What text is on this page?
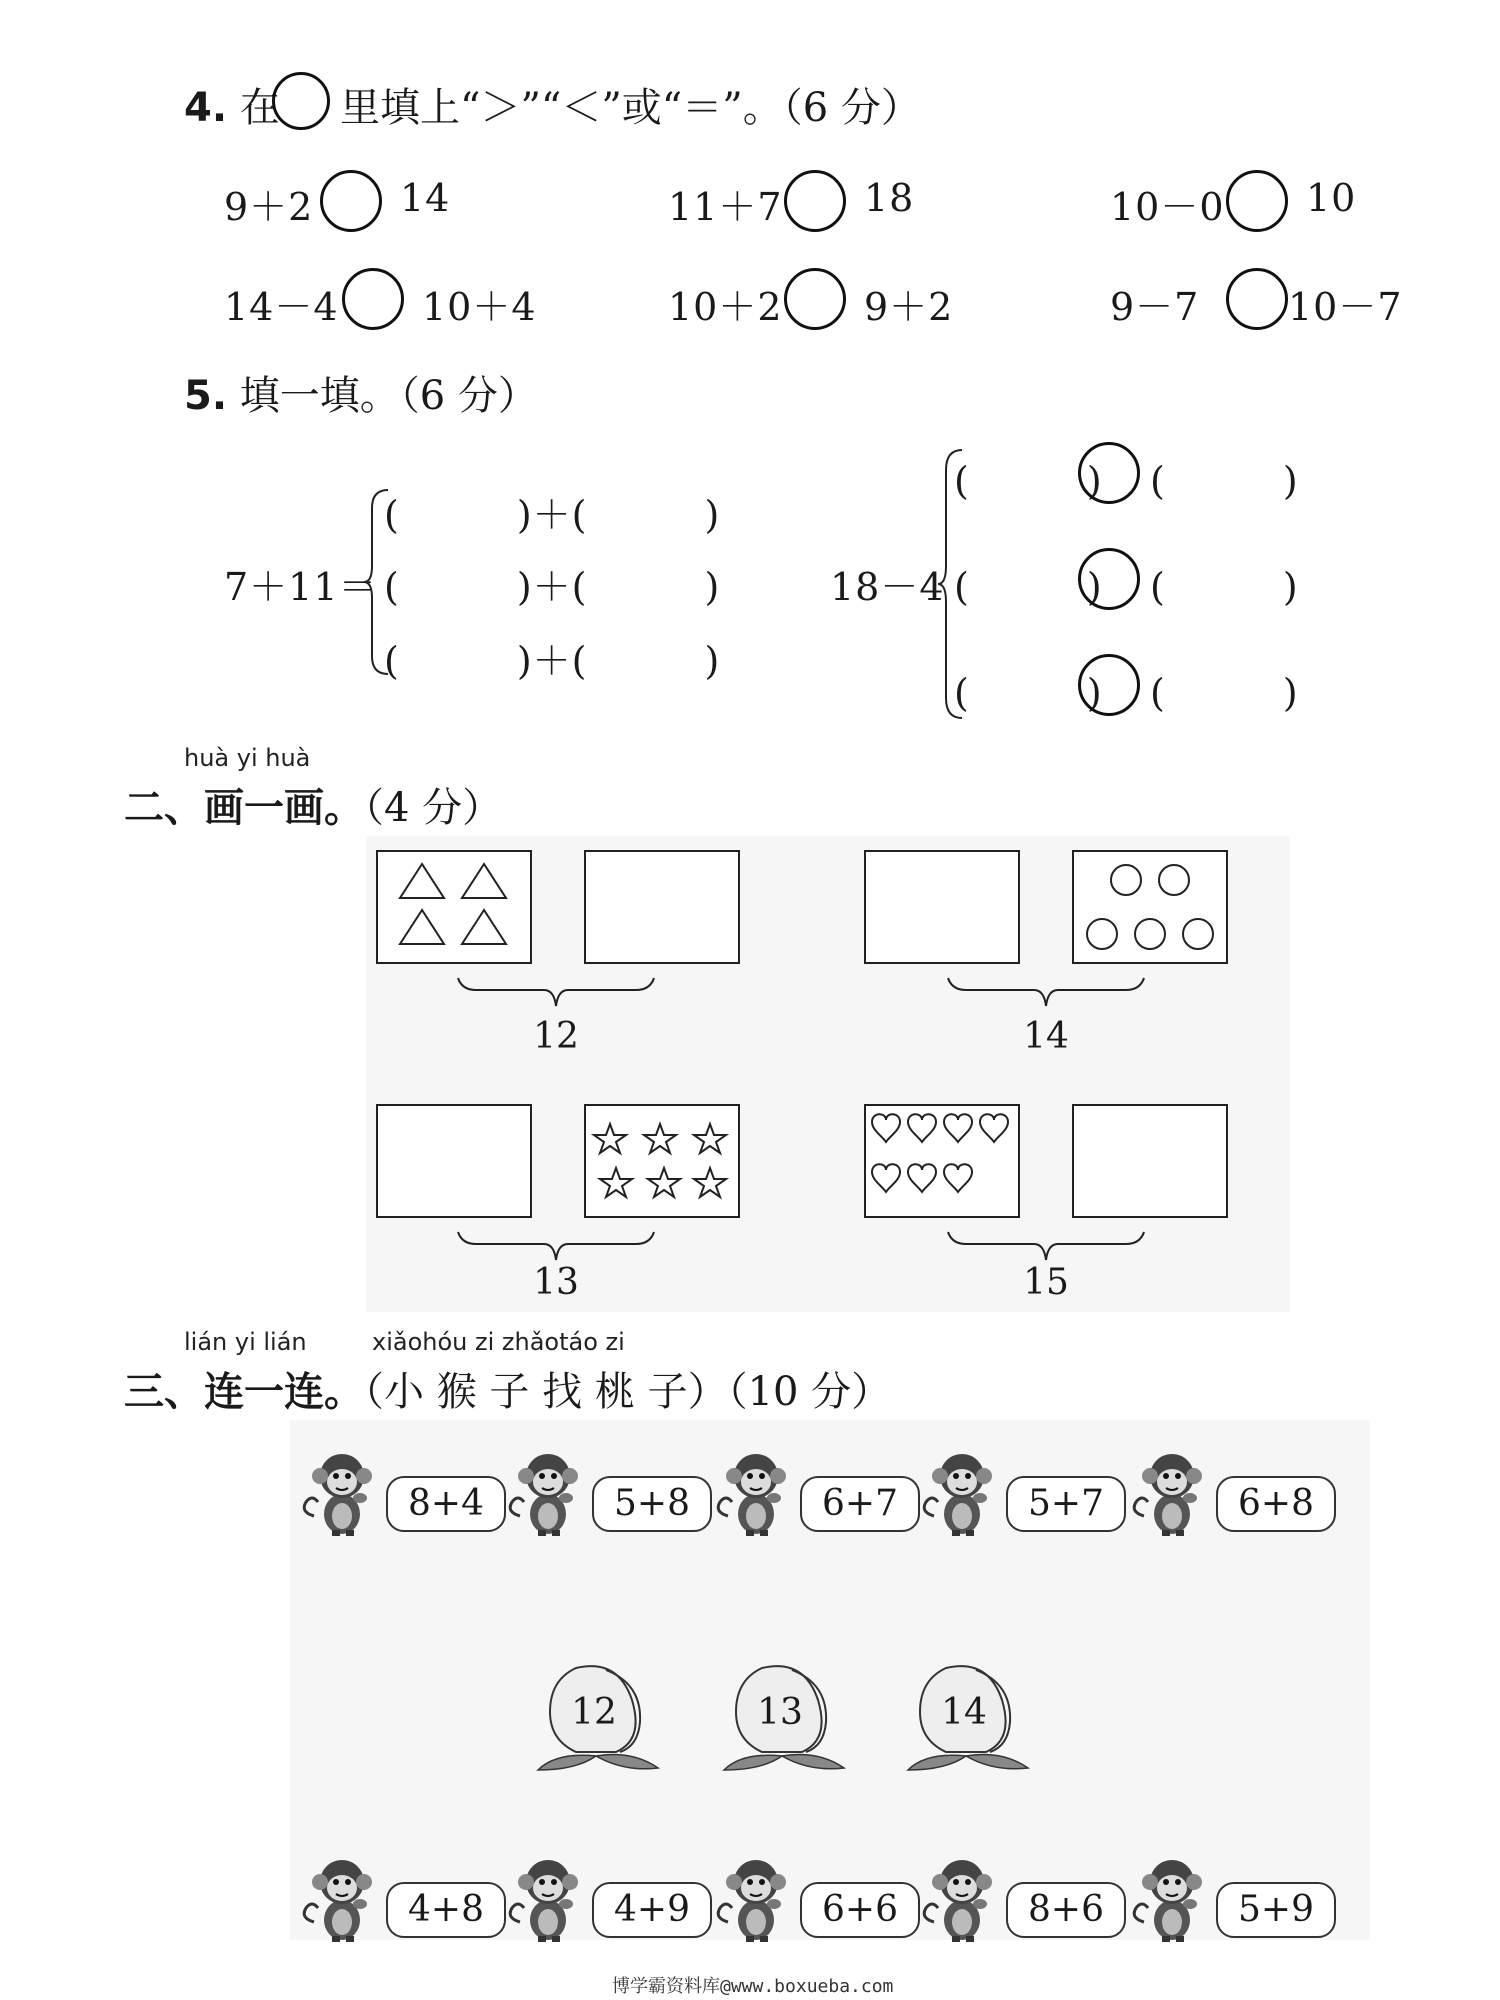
4. 在 里填上“＞”“＜”或“＝”。（6 分）
9＋2 14	11＋7 18	10－0 10
14－4 10＋4	10＋2 9＋2	9－7 10－7
5. 填一填。（6 分）
7＋11＝
(　　　)＋(　　　)
(　　　)＋(　　　)
(　　　)＋(　　　)
18－4
(　　　) (　　　)
(　　　) (　　　)
(　　　) (　　　)
huà yi huà
二、画一画。（4 分）
12	14
13	15
lián yi lián	xiǎohóu zi zhǎotáo zi
三、连一连。（小 猴 子 找 桃 子）（10 分）
8+4	5+8	6+7	5+7	6+8
12	13	14
4+8	4+9	6+6	8+6	5+9
博学霸资料库@www.boxueba.com
